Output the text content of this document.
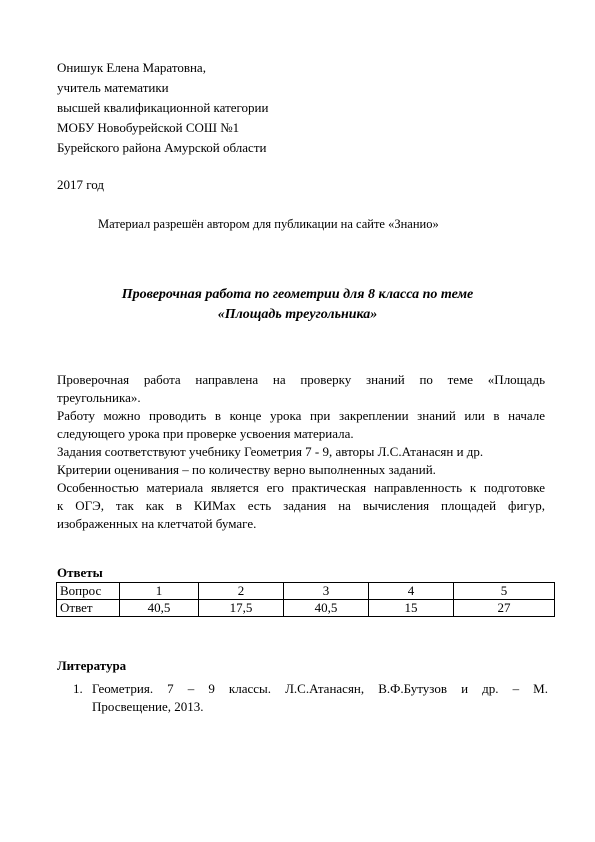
Онишук Елена Маратовна,
учитель математики
высшей квалификационной категории
МОБУ Новобурейской СОШ №1
Бурейского района Амурской области
2017 год
Материал разрешён автором для публикации на сайте «Знанио»
Проверочная работа по геометрии для 8 класса по теме
«Площадь треугольника»
Проверочная работа направлена на проверку знаний по теме «Площадь
треугольника».
Работу можно проводить в конце урока при закреплении знаний или в начале
следующего урока при проверке усвоения материала.
Задания соответствуют учебнику Геометрия 7 - 9, авторы Л.С.Атанасян и др.
Критерии оценивания – по количеству верно выполненных заданий.
Особенностью материала является его практическая направленность к подготовке
к ОГЭ, так как в КИМах есть задания на вычисления площадей фигур,
изображенных на клетчатой бумаге.
Ответы
Вопрос	1	2	3	4	5
Ответ	40,5	17,5	40,5	15	27
Литература
1. Геометрия. 7 – 9 классы. Л.С.Атанасян, В.Ф.Бутузов и др. – М.
Просвещение, 2013.
